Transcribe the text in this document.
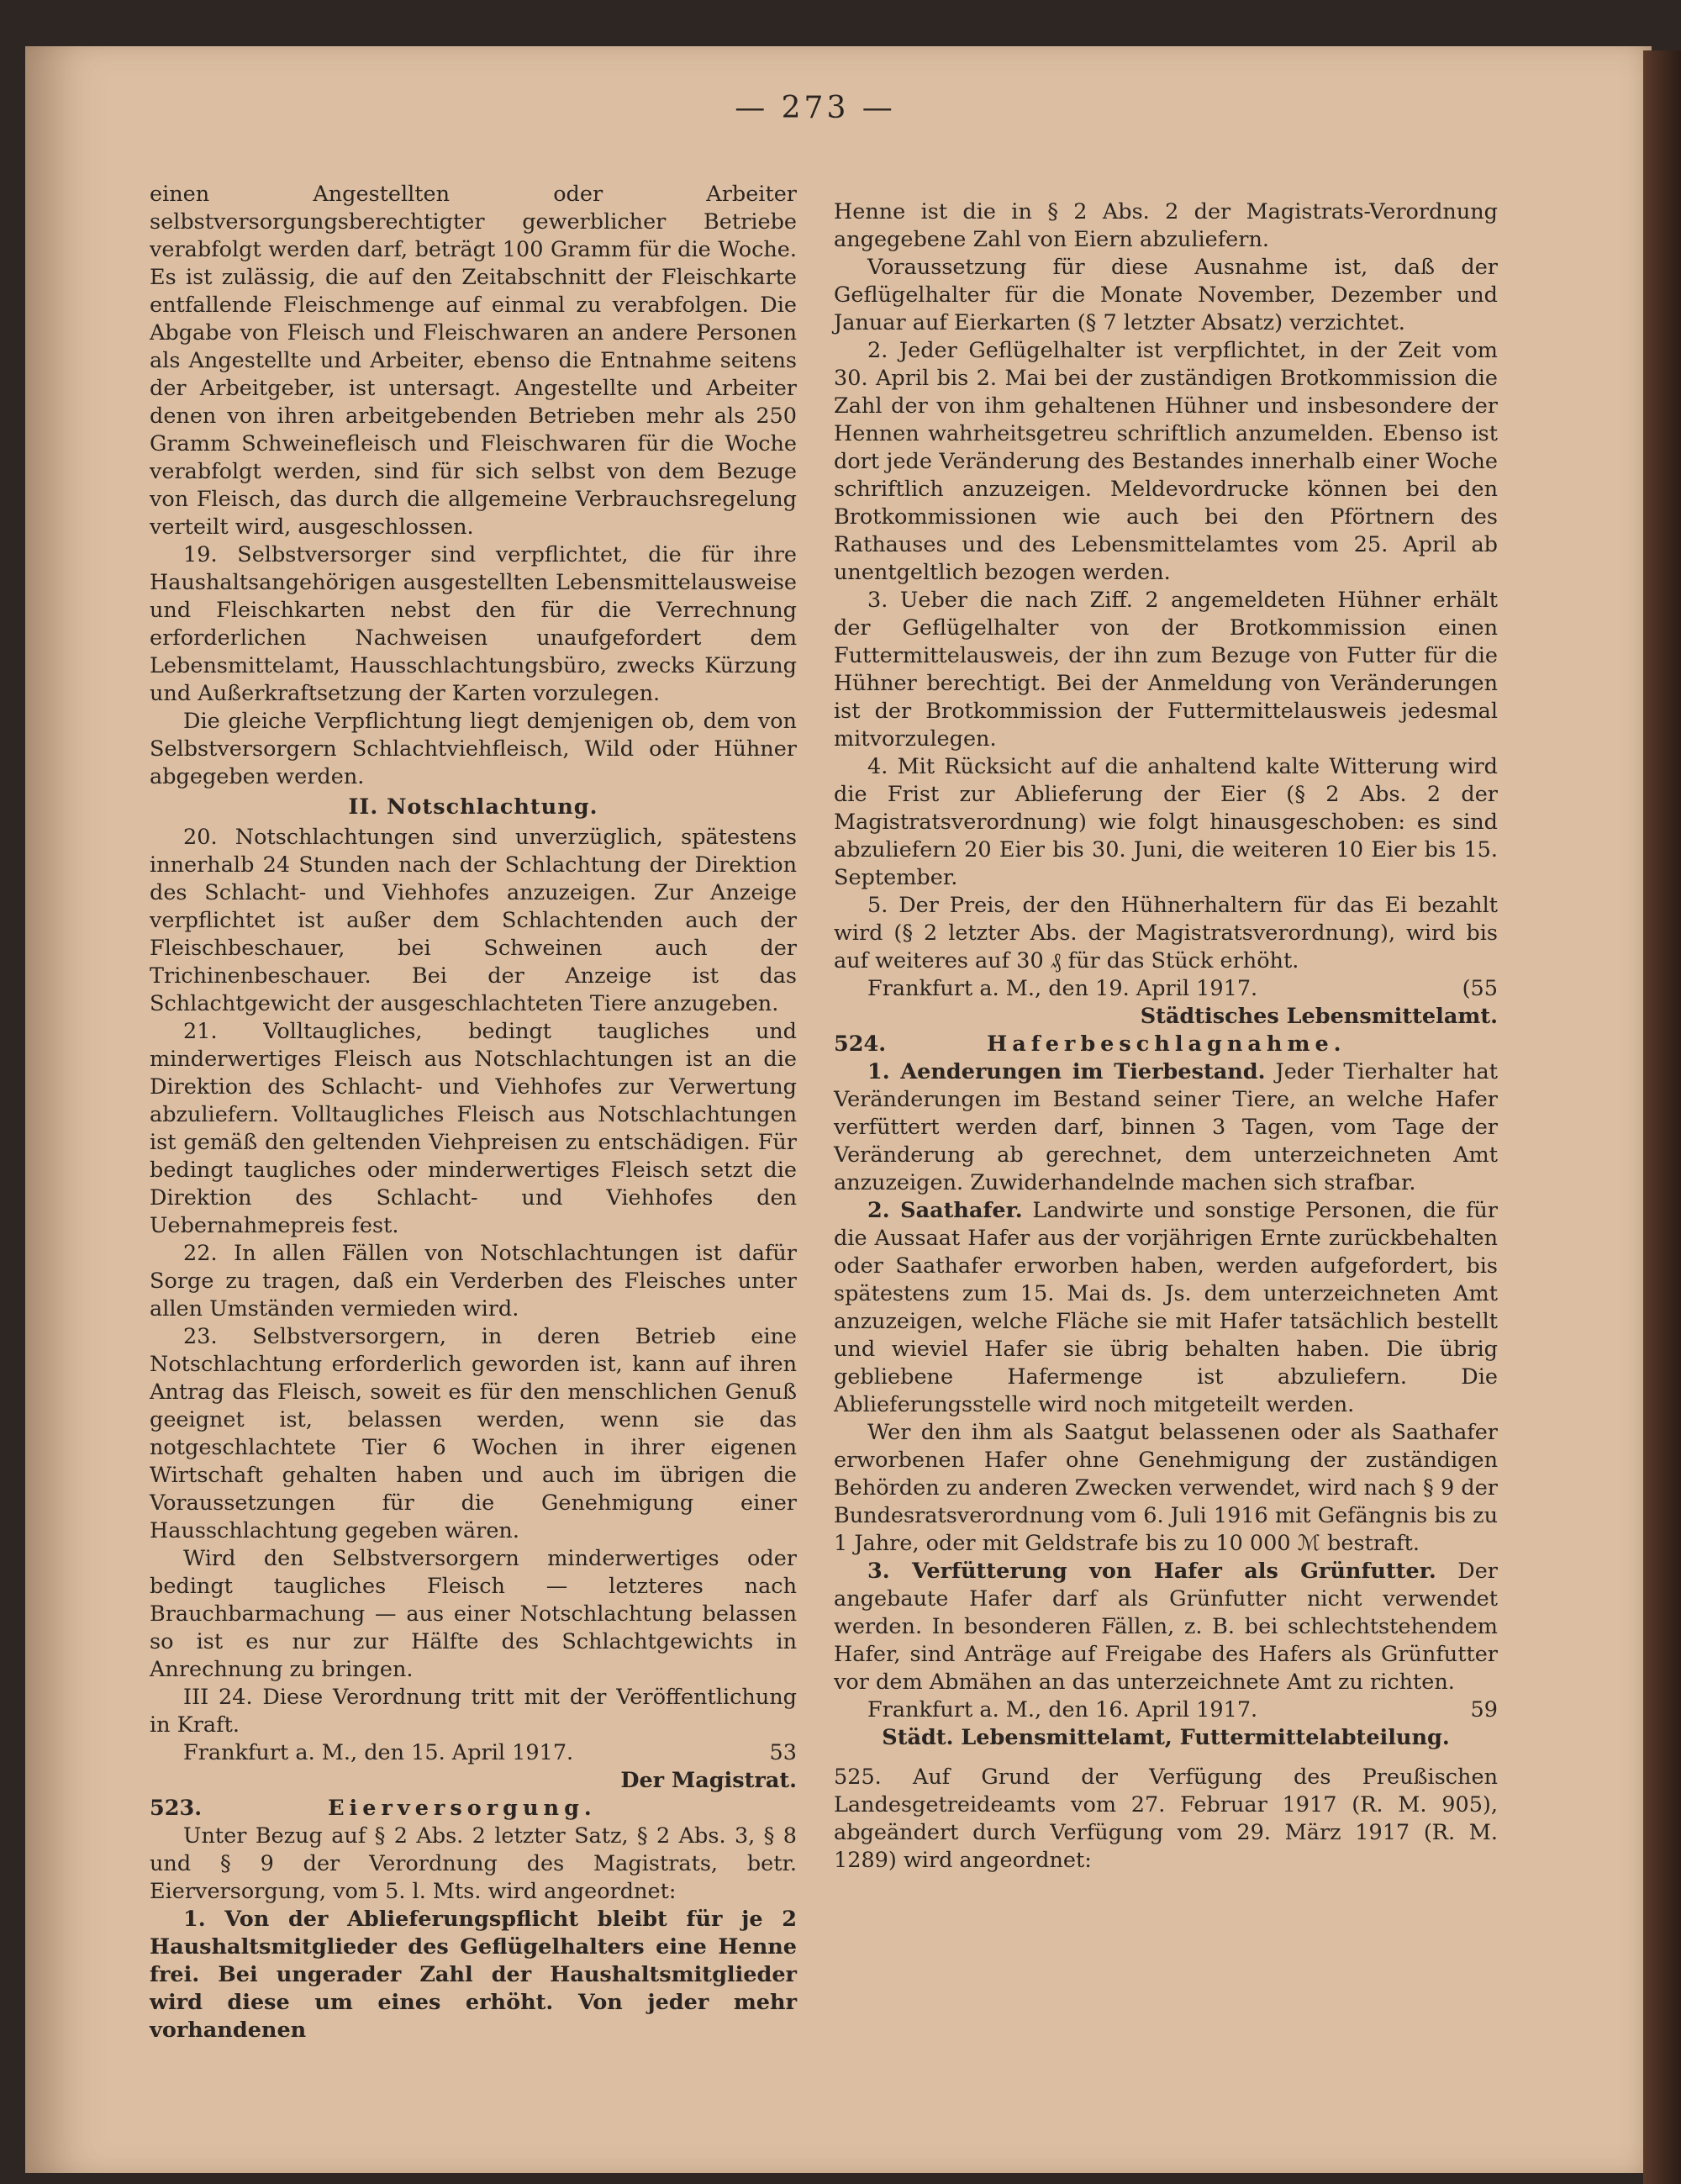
— 273 —

einen Angestellten oder Arbeiter selbstversorgungsberechtigter gewerblicher Betriebe verabfolgt werden darf, beträgt 100 Gramm für die Woche. Es ist zulässig, die auf den Zeitabschnitt der Fleischkarte entfallende Fleischmenge auf einmal zu verabfolgen. Die Abgabe von Fleisch und Fleischwaren an andere Personen als Angestellte und Arbeiter, ebenso die Entnahme seitens der Arbeitgeber, ist untersagt. Angestellte und Arbeiter denen von ihren arbeitgebenden Betrieben mehr als 250 Gramm Schweinefleisch und Fleischwaren für die Woche verabfolgt werden, sind für sich selbst von dem Bezuge von Fleisch, das durch die allgemeine Verbrauchsregelung verteilt wird, ausgeschlossen.

19. Selbstversorger sind verpflichtet, die für ihre Haushaltsangehörigen ausgestellten Lebensmittelausweise und Fleischkarten nebst den für die Verrechnung erforderlichen Nachweisen unaufgefordert dem Lebensmittelamt, Hausschlachtungsbüro, zwecks Kürzung und Außerkraftsetzung der Karten vorzulegen.

Die gleiche Verpflichtung liegt demjenigen ob, dem von Selbstversorgern Schlachtviehfleisch, Wild oder Hühner abgegeben werden.

II. Notschlachtung.

20. Notschlachtungen sind unverzüglich, spätestens innerhalb 24 Stunden nach der Schlachtung der Direktion des Schlacht- und Viehhofes anzuzeigen. Zur Anzeige verpflichtet ist außer dem Schlachtenden auch der Fleischbeschauer, bei Schweinen auch der Trichinenbeschauer. Bei der Anzeige ist das Schlachtgewicht der ausgeschlachteten Tiere anzugeben.

21. Volltaugliches, bedingt taugliches und minderwertiges Fleisch aus Notschlachtungen ist an die Direktion des Schlacht- und Viehhofes zur Verwertung abzuliefern. Volltaugliches Fleisch aus Notschlachtungen ist gemäß den geltenden Viehpreisen zu entschädigen. Für bedingt taugliches oder minderwertiges Fleisch setzt die Direktion des Schlacht- und Viehhofes den Uebernahmepreis fest.

22. In allen Fällen von Notschlachtungen ist dafür Sorge zu tragen, daß ein Verderben des Fleisches unter allen Umständen vermieden wird.

23. Selbstversorgern, in deren Betrieb eine Notschlachtung erforderlich geworden ist, kann auf ihren Antrag das Fleisch, soweit es für den menschlichen Genuß geeignet ist, belassen werden, wenn sie das notgeschlachtete Tier 6 Wochen in ihrer eigenen Wirtschaft gehalten haben und auch im übrigen die Voraussetzungen für die Genehmigung einer Hausschlachtung gegeben wären.

Wird den Selbstversorgern minderwertiges oder bedingt taugliches Fleisch — letzteres nach Brauchbarmachung — aus einer Notschlachtung belassen so ist es nur zur Hälfte des Schlachtgewichts in Anrechnung zu bringen.

III 24. Diese Verordnung tritt mit der Veröffentlichung in Kraft.

Frankfurt a. M., den 15. April 1917.	53

Der Magistrat.

523.	Eierversorgung.

Unter Bezug auf § 2 Abs. 2 letzter Satz, § 2 Abs. 3, § 8 und § 9 der Verordnung des Magistrats, betr. Eierversorgung, vom 5. l. Mts. wird angeordnet:

1. Von der Ablieferungspflicht bleibt für je 2 Haushaltsmitglieder des Geflügelhalters eine Henne frei. Bei ungerader Zahl der Haushaltsmitglieder wird diese um eines erhöht. Von jeder mehr vorhandenen

Henne ist die in § 2 Abs. 2 der Magistrats-Verordnung angegebene Zahl von Eiern abzuliefern.

Voraussetzung für diese Ausnahme ist, daß der Geflügelhalter für die Monate November, Dezember und Januar auf Eierkarten (§ 7 letzter Absatz) verzichtet.

2. Jeder Geflügelhalter ist verpflichtet, in der Zeit vom 30. April bis 2. Mai bei der zuständigen Brotkommission die Zahl der von ihm gehaltenen Hühner und insbesondere der Hennen wahrheitsgetreu schriftlich anzumelden. Ebenso ist dort jede Veränderung des Bestandes innerhalb einer Woche schriftlich anzuzeigen. Meldevordrucke können bei den Brotkommissionen wie auch bei den Pförtnern des Rathauses und des Lebensmittelamtes vom 25. April ab unentgeltlich bezogen werden.

3. Ueber die nach Ziff. 2 angemeldeten Hühner erhält der Geflügelhalter von der Brotkommission einen Futtermittelausweis, der ihn zum Bezuge von Futter für die Hühner berechtigt. Bei der Anmeldung von Veränderungen ist der Brotkommission der Futtermittelausweis jedesmal mitvorzulegen.

4. Mit Rücksicht auf die anhaltend kalte Witterung wird die Frist zur Ablieferung der Eier (§ 2 Abs. 2 der Magistratsverordnung) wie folgt hinausgeschoben: es sind abzuliefern 20 Eier bis 30. Juni, die weiteren 10 Eier bis 15. September.

5. Der Preis, der den Hühnerhaltern für das Ei bezahlt wird (§ 2 letzter Abs. der Magistratsverordnung), wird bis auf weiteres auf 30 ₰ für das Stück erhöht.

Frankfurt a. M., den 19. April 1917.	(55

Städtisches Lebensmittelamt.

524.	Haferbeschlagnahme.

1. Aenderungen im Tierbestand. Jeder Tierhalter hat Veränderungen im Bestand seiner Tiere, an welche Hafer verfüttert werden darf, binnen 3 Tagen, vom Tage der Veränderung ab gerechnet, dem unterzeichneten Amt anzuzeigen. Zuwiderhandelnde machen sich strafbar.

2. Saathafer. Landwirte und sonstige Personen, die für die Aussaat Hafer aus der vorjährigen Ernte zurückbehalten oder Saathafer erworben haben, werden aufgefordert, bis spätestens zum 15. Mai ds. Js. dem unterzeichneten Amt anzuzeigen, welche Fläche sie mit Hafer tatsächlich bestellt und wieviel Hafer sie übrig behalten haben. Die übrig gebliebene Hafermenge ist abzuliefern. Die Ablieferungsstelle wird noch mitgeteilt werden.

Wer den ihm als Saatgut belassenen oder als Saathafer erworbenen Hafer ohne Genehmigung der zuständigen Behörden zu anderen Zwecken verwendet, wird nach § 9 der Bundesratsverordnung vom 6. Juli 1916 mit Gefängnis bis zu 1 Jahre, oder mit Geldstrafe bis zu 10 000 ℳ bestraft.

3. Verfütterung von Hafer als Grünfutter. Der angebaute Hafer darf als Grünfutter nicht verwendet werden. In besonderen Fällen, z. B. bei schlechtstehendem Hafer, sind Anträge auf Freigabe des Hafers als Grünfutter vor dem Abmähen an das unterzeichnete Amt zu richten.

Frankfurt a. M., den 16. April 1917.	59

Städt. Lebensmittelamt, Futtermittelabteilung.

525. Auf Grund der Verfügung des Preußischen Landesgetreideamts vom 27. Februar 1917 (R. M. 905), abgeändert durch Verfügung vom 29. März 1917 (R. M. 1289) wird angeordnet:
